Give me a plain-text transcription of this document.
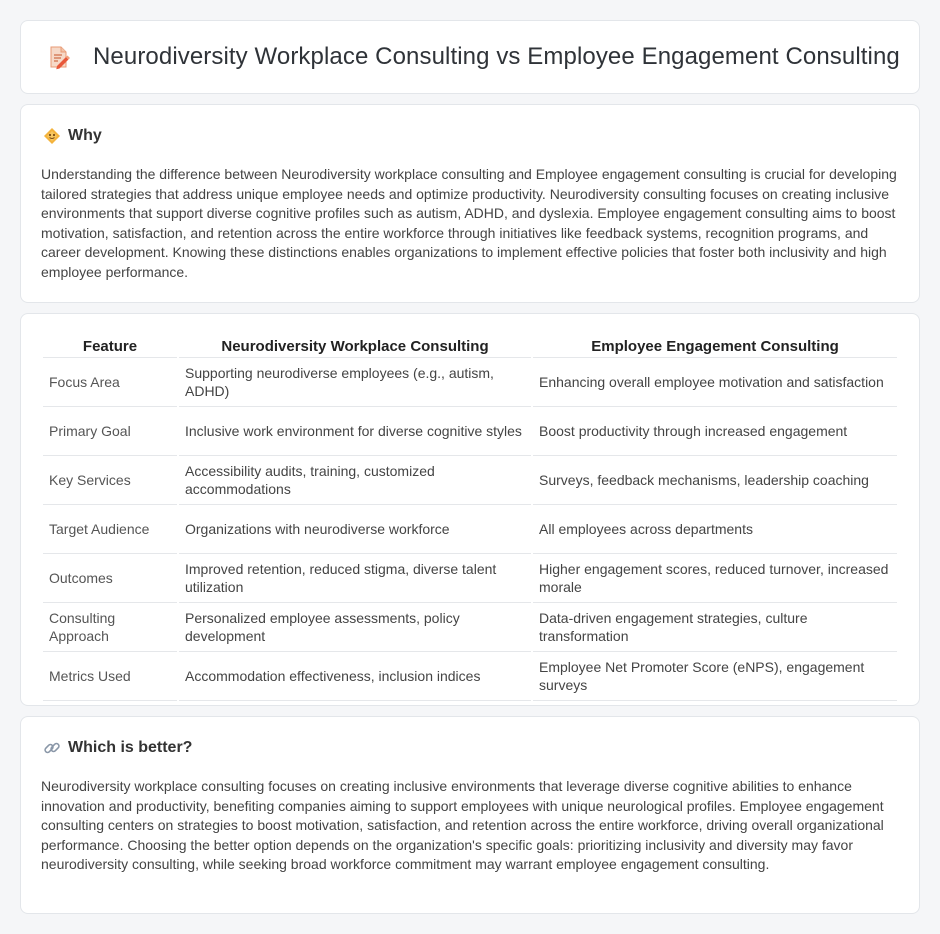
Neurodiversity Workplace Consulting vs Employee Engagement Consulting
Why

Understanding the difference between Neurodiversity workplace consulting and Employee engagement consulting is crucial for developing tailored strategies that address unique employee needs and optimize productivity. Neurodiversity consulting focuses on creating inclusive environments that support diverse cognitive profiles such as autism, ADHD, and dyslexia. Employee engagement consulting aims to boost motivation, satisfaction, and retention across the entire workforce through initiatives like feedback systems, recognition programs, and career development. Knowing these distinctions enables organizations to implement effective policies that foster both inclusivity and high employee performance.

Feature	Neurodiversity Workplace Consulting	Employee Engagement Consulting
Focus Area	Supporting neurodiverse employees (e.g., autism, ADHD)	Enhancing overall employee motivation and satisfaction
Primary Goal	Inclusive work environment for diverse cognitive styles	Boost productivity through increased engagement
Key Services	Accessibility audits, training, customized accommodations	Surveys, feedback mechanisms, leadership coaching
Target Audience	Organizations with neurodiverse workforce	All employees across departments
Outcomes	Improved retention, reduced stigma, diverse talent utilization	Higher engagement scores, reduced turnover, increased morale
Consulting Approach	Personalized employee assessments, policy development	Data-driven engagement strategies, culture transformation
Metrics Used	Accommodation effectiveness, inclusion indices	Employee Net Promoter Score (eNPS), engagement surveys
Which is better?

Neurodiversity workplace consulting focuses on creating inclusive environments that leverage diverse cognitive abilities to enhance innovation and productivity, benefiting companies aiming to support employees with unique neurological profiles. Employee engagement consulting centers on strategies to boost motivation, satisfaction, and retention across the entire workforce, driving overall organizational performance. Choosing the better option depends on the organization's specific goals: prioritizing inclusivity and diversity may favor neurodiversity consulting, while seeking broad workforce commitment may warrant employee engagement consulting.
